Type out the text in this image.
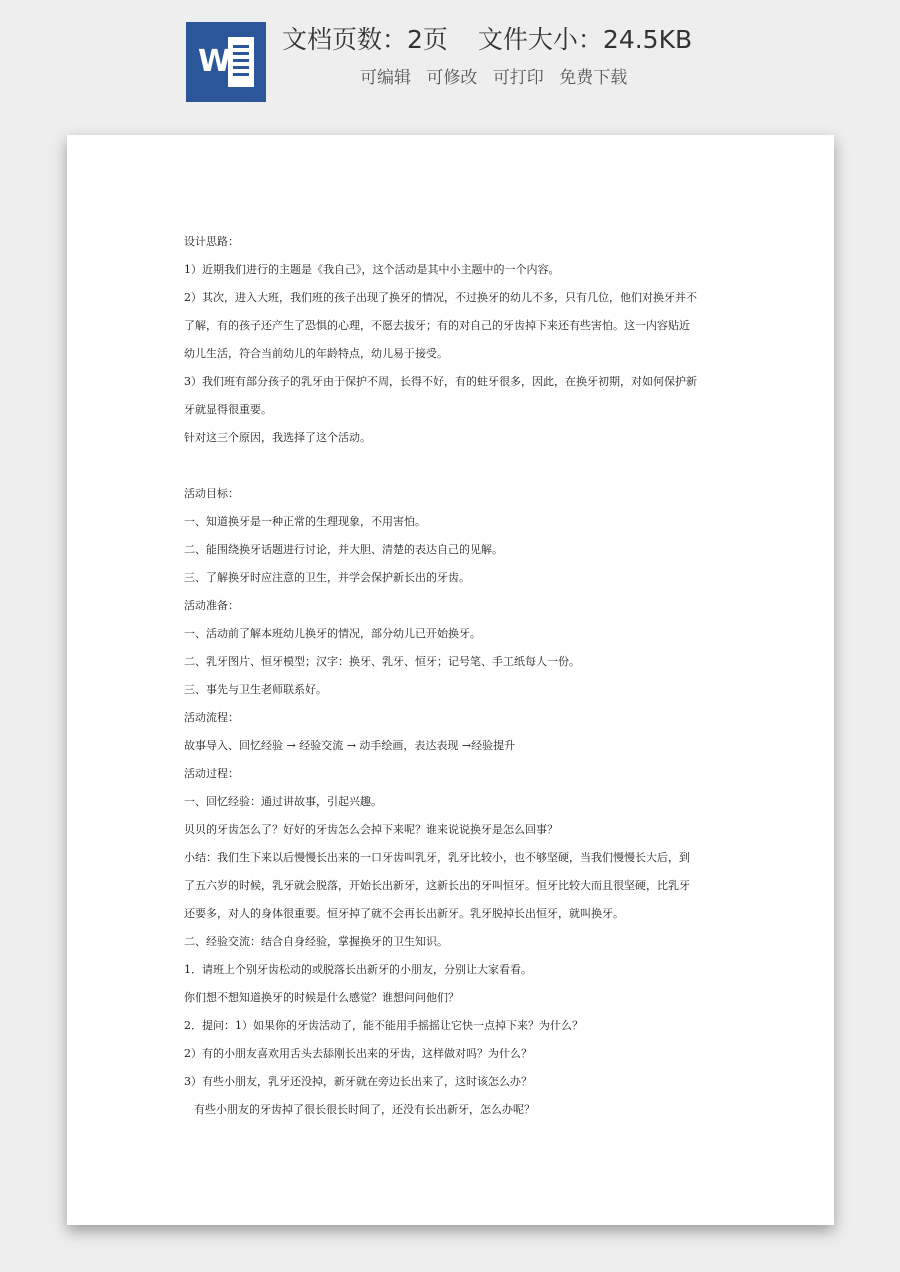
W
文档页数：2页 文件大小：24.5KB
可编辑 可修改 可打印 免费下载
设计思路：
1）近期我们进行的主题是《我自己》，这个活动是其中小主题中的一个内容。
2）其次，进入大班，我们班的孩子出现了换牙的情况，不过换牙的幼儿不多，只有几位，他们对换牙并不
了解，有的孩子还产生了恐惧的心理，不愿去拔牙；有的对自己的牙齿掉下来还有些害怕。这一内容贴近
幼儿生活，符合当前幼儿的年龄特点，幼儿易于接受。
3）我们班有部分孩子的乳牙由于保护不周，长得不好，有的蛀牙很多，因此，在换牙初期，对如何保护新
牙就显得很重要。
针对这三个原因，我选择了这个活动。
活动目标：
一、知道换牙是一种正常的生理现象，不用害怕。
二、能围绕换牙话题进行讨论，并大胆、清楚的表达自己的见解。
三、了解换牙时应注意的卫生，并学会保护新长出的牙齿。
活动准备：
一、活动前了解本班幼儿换牙的情况，部分幼儿已开始换牙。
二、乳牙图片、恒牙模型；汉字：换牙、乳牙、恒牙；记号笔、手工纸每人一份。
三、事先与卫生老师联系好。
活动流程：
故事导入、回忆经验 → 经验交流 → 动手绘画，表达表现 →经验提升
活动过程：
一、回忆经验：通过讲故事，引起兴趣。
贝贝的牙齿怎么了？好好的牙齿怎么会掉下来呢？谁来说说换牙是怎么回事？
小结：我们生下来以后慢慢长出来的一口牙齿叫乳牙，乳牙比较小，也不够坚硬，当我们慢慢长大后，到
了五六岁的时候，乳牙就会脱落，开始长出新牙，这新长出的牙叫恒牙。恒牙比较大而且很坚硬，比乳牙
还要多，对人的身体很重要。恒牙掉了就不会再长出新牙。乳牙脱掉长出恒牙，就叫换牙。
二、经验交流：结合自身经验，掌握换牙的卫生知识。
1．请班上个别牙齿松动的或脱落长出新牙的小朋友，分别让大家看看。
你们想不想知道换牙的时候是什么感觉？谁想问问他们？
2．提问：1）如果你的牙齿活动了，能不能用手摇摇让它快一点掉下来？为什么？
2）有的小朋友喜欢用舌头去舔刚长出来的牙齿，这样做对吗？为什么？
3）有些小朋友，乳牙还没掉，新牙就在旁边长出来了，这时该怎么办？
有些小朋友的牙齿掉了很长很长时间了，还没有长出新牙，怎么办呢？
